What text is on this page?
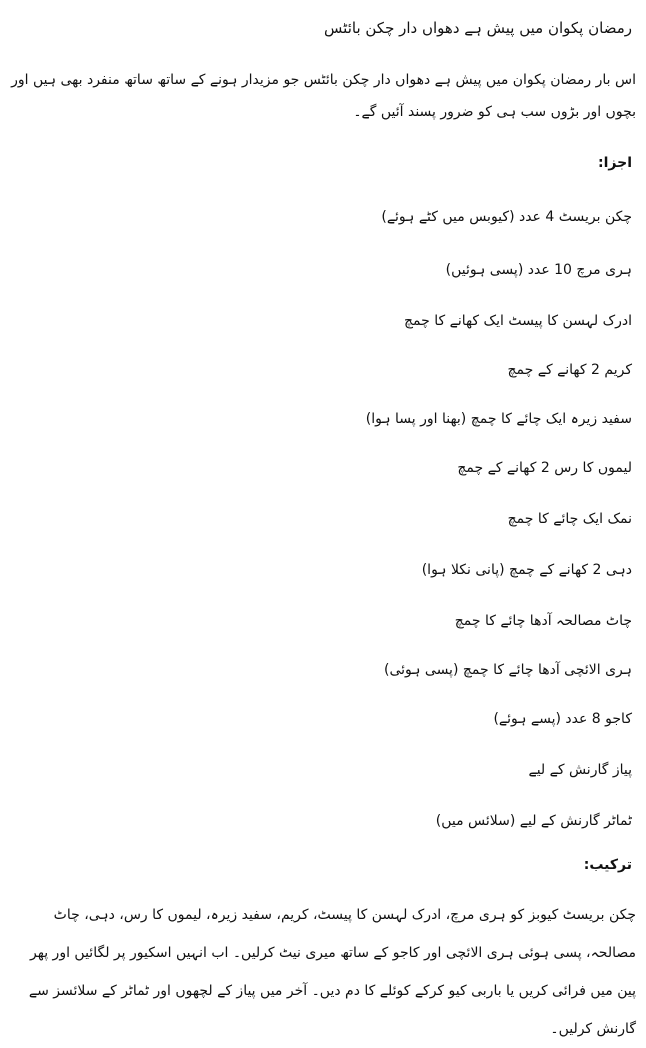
رمضان پکوان میں پیش ہے دھواں دار چکن بائٹس

اس بار رمضان پکوان میں پیش ہے دھواں دار چکن بائٹس جو مزیدار ہونے کے ساتھ ساتھ منفرد بھی ہیں اور بچوں اور بڑوں سب ہی کو ضرور پسند آئیں گے۔

اجزا:
چکن بریسٹ 4 عدد (کیوبس میں کٹے ہوئے)
ہری مرچ 10 عدد (پسی ہوئیں)
ادرک لہسن کا پیسٹ ایک کھانے کا چمچ
کریم 2 کھانے کے چمچ
سفید زیرہ ایک چائے کا چمچ (بھنا اور پسا ہوا)
لیموں کا رس 2 کھانے کے چمچ
نمک ایک چائے کا چمچ
دہی 2 کھانے کے چمچ (پانی نکلا ہوا)
چاٹ مصالحہ آدھا چائے کا چمچ
ہری الائچی آدھا چائے کا چمچ (پسی ہوئی)
کاجو 8 عدد (پسے ہوئے)
پیاز گارنش کے لیے
ٹماٹر گارنش کے لیے (سلائس میں)
ترکیب:

چکن بریسٹ کیوبز کو ہری مرچ، ادرک لہسن کا پیسٹ، کریم، سفید زیرہ، لیموں کا رس، دہی، چاٹ مصالحہ، پسی ہوئی ہری الائچی اور کاجو کے ساتھ میری نیٹ کرلیں۔ اب انہیں اسکیور پر لگائیں اور پھر پین میں فرائی کریں یا باربی کیو کرکے کوئلے کا دم دیں۔ آخر میں پیاز کے لچھوں اور ٹماٹر کے سلائسز سے گارنش کرلیں۔
